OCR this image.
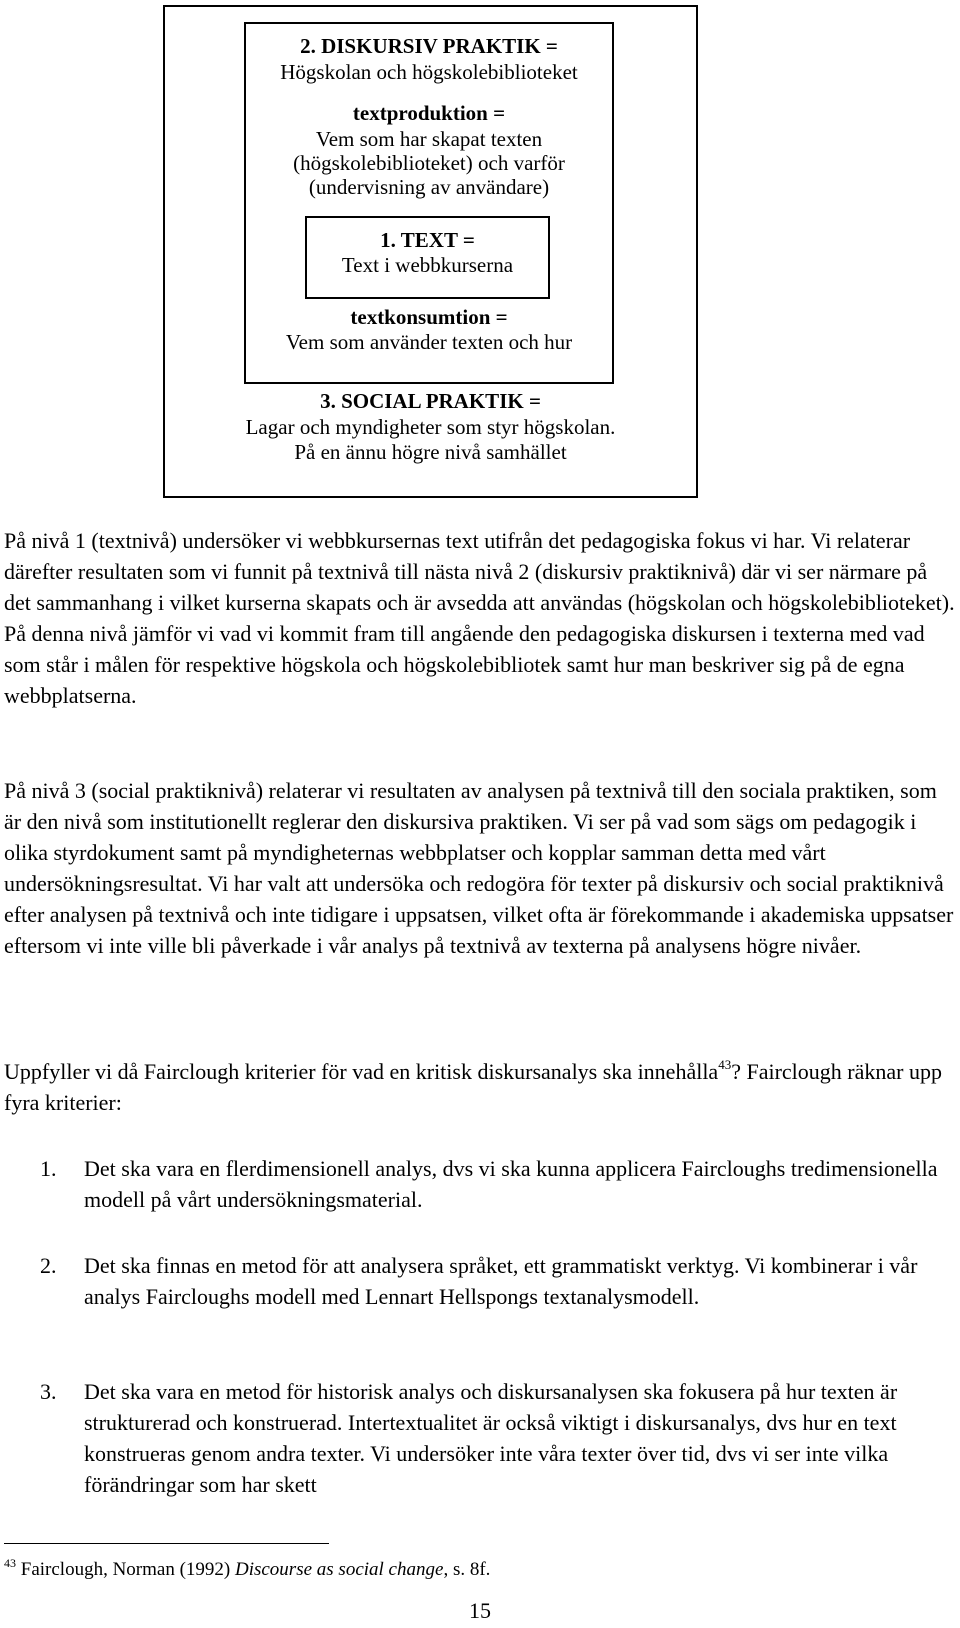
3. SOCIAL PRAKTIK =
Lagar och myndigheter som styr högskolan.
På en ännu högre nivå samhället
2. DISKURSIV PRAKTIK =
Högskolan och högskolebiblioteket
textproduktion =
Vem som har skapat texten
(högskolebiblioteket) och varför
(undervisning av användare)
textkonsumtion =
Vem som använder texten och hur
1. TEXT =
Text i webbkurserna

På nivå 1 (textnivå) undersöker vi webbkursernas text utifrån det pedagogiska fokus vi har. Vi relaterar därefter resultaten som vi funnit på textnivå till nästa nivå 2 (diskursiv praktiknivå) där vi ser närmare på det sammanhang i vilket kurserna skapats och är avsedda att användas (högskolan och högskolebiblioteket). På denna nivå jämför vi vad vi kommit fram till angående den pedagogiska diskursen i texterna med vad som står i målen för respektive högskola och högskolebibliotek samt hur man beskriver sig på de egna webbplatserna.

På nivå 3 (social praktiknivå) relaterar vi resultaten av analysen på textnivå till den sociala praktiken, som är den nivå som institutionellt reglerar den diskursiva praktiken. Vi ser på vad som sägs om pedagogik i olika styrdokument samt på myndigheternas webbplatser och kopplar samman detta med vårt undersökningsresultat. Vi har valt att undersöka och redogöra för texter på diskursiv och social praktiknivå efter analysen på textnivå och inte tidigare i uppsatsen, vilket ofta är förekommande i akademiska uppsatser eftersom vi inte ville bli påverkade i vår analys på textnivå av texterna på analysens högre nivåer.

Uppfyller vi då Fairclough kriterier för vad en kritisk diskursanalys ska innehålla$^{43}$? Fairclough räknar upp fyra kriterier:

1. Det ska vara en flerdimensionell analys, dvs vi ska kunna applicera Faircloughs tredimensionella modell på vårt undersökningsmaterial.
2. Det ska finnas en metod för att analysera språket, ett grammatiskt verktyg. Vi kombinerar i vår analys Faircloughs modell med Lennart Hellspongs textanalysmodell.
3. Det ska vara en metod för historisk analys och diskursanalysen ska fokusera på hur texten är strukturerad och konstruerad. Intertextualitet är också viktigt i diskursanalys, dvs hur en text konstrueras genom andra texter. Vi undersöker inte våra texter över tid, dvs vi ser inte vilka förändringar som har skett
$^{43}$ Fairclough, Norman (1992) Discourse as social change, s. 8f.
15
